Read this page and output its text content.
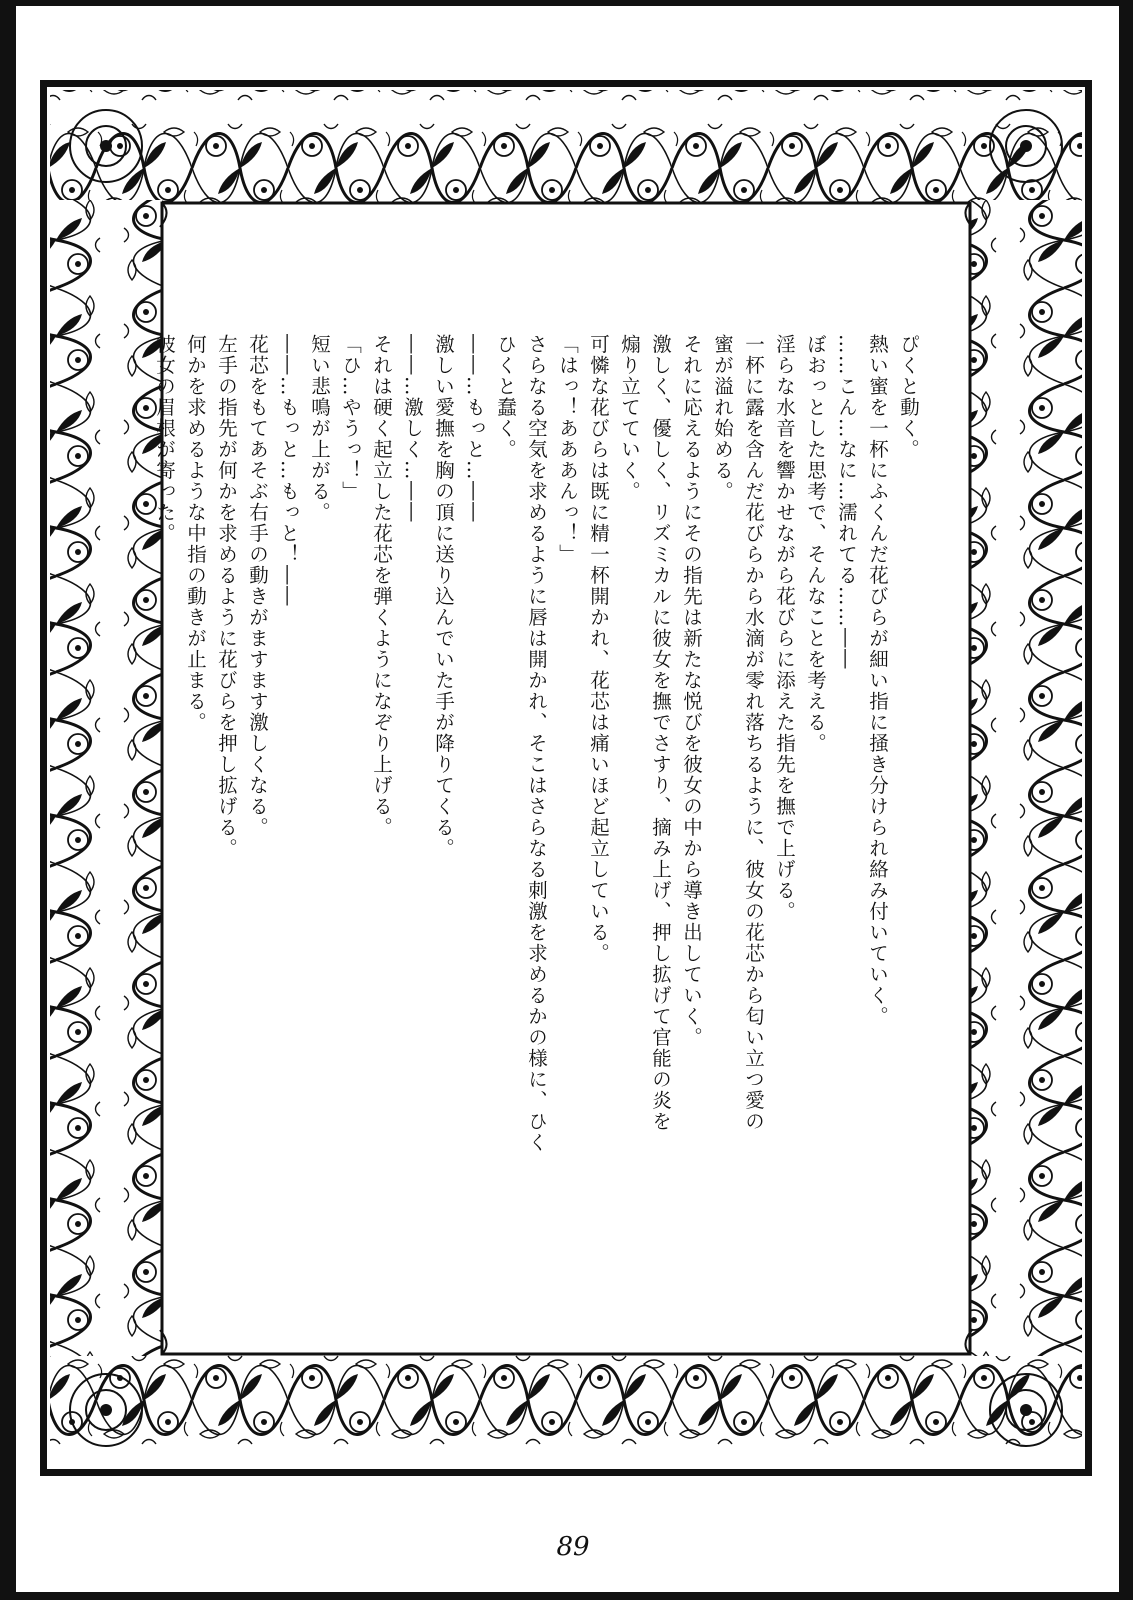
ぴくと動く。

熱い蜜を一杯にふくんだ花びらが細い指に掻き分けられ絡み付いていく。

……こん…なに…濡れてる……――

ぼおっとした思考で、そんなことを考える。

淫らな水音を響かせながら花びらに添えた指先を撫で上げる。

一杯に露を含んだ花びらから水滴が零れ落ちるように、彼女の花芯から匂い立つ愛の

蜜が溢れ始める。

それに応えるようにその指先は新たな悦びを彼女の中から導き出していく。

激しく、優しく、リズミカルに彼女を撫でさすり、摘み上げ、押し拡げて官能の炎を

煽り立てていく。

可憐な花びらは既に精一杯開かれ、花芯は痛いほど起立している。

「はっ！あああんっ！」

さらなる空気を求めるように唇は開かれ、そこはさらなる刺激を求めるかの様に、ひく

ひくと蠢く。

――…もっと…――

激しい愛撫を胸の頂に送り込んでいた手が降りてくる。

――…激しく…――

それは硬く起立した花芯を弾くようになぞり上げる。

「ひ…やうっ！」

短い悲鳴が上がる。

――…もっと…もっと！――

花芯をもてあそぶ右手の動きがますます激しくなる。

左手の指先が何かを求めるように花びらを押し拡げる。

何かを求めるような中指の動きが止まる。

彼女の眉根が寄った。

89
